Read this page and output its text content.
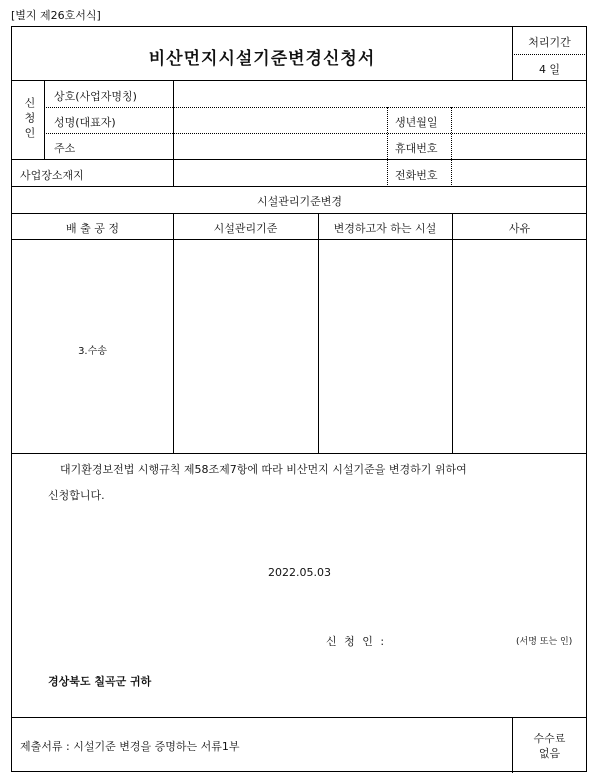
[별지 제26호서식]
비산먼지시설기준변경신청서
처리기간
4 일
신청인
상호(사업자명칭)
성명(대표자)	생년월일
주소	휴대번호
사업장소재지	전화번호
시설관리기준변경
배 출 공 정	시설관리기준	변경하고자 하는 시설	사유
3.수송
대기환경보전법 시행규칙 제58조제7항에 따라 비산먼지 시설기준을 변경하기 위하여
신청합니다.
2022.05.03
신 청 인 :	(서명 또는 인)
경상북도 칠곡군 귀하
제출서류 : 시설기준 변경을 증명하는 서류1부
수수료
없음
